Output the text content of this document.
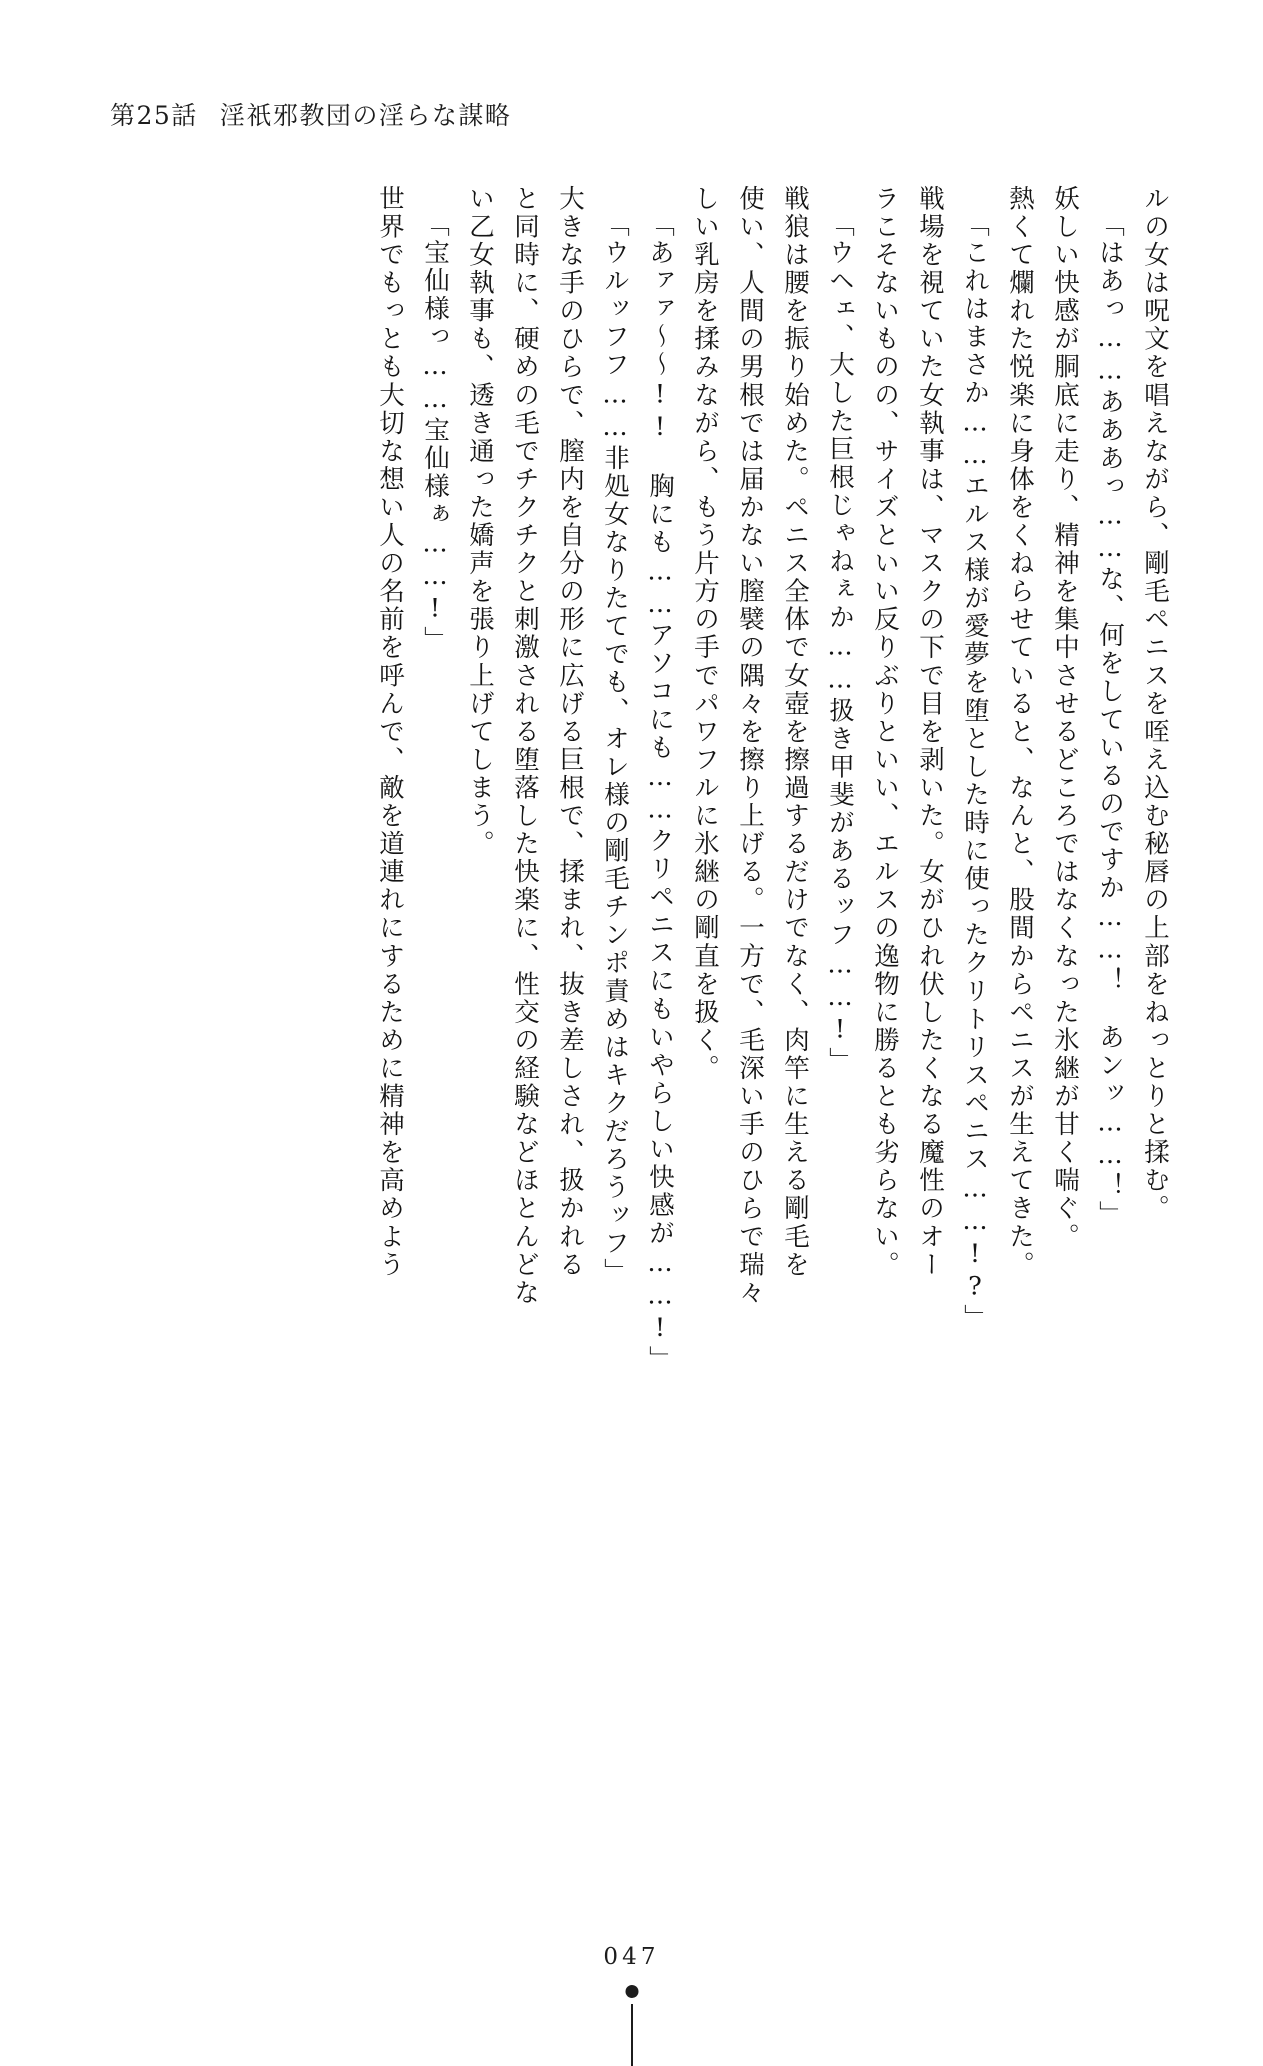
第25話 淫祇邪教団の淫らな謀略
ルの女は呪文を唱えながら、剛毛ペニスを咥え込む秘唇の上部をねっとりと揉む。
「はあっ……あああっ……な、何をしているのですか……！　あンッ……！」
妖しい快感が胴底に走り、精神を集中させるどころではなくなった氷継が甘く喘ぐ。
熱くて爛れた悦楽に身体をくねらせていると、なんと、股間からペニスが生えてきた。
「これはまさか……エルス様が愛夢を堕とした時に使ったクリトリスペニス……!?」
戦場を視ていた女執事は、マスクの下で目を剥いた。女がひれ伏したくなる魔性のオー
ラこそないものの、サイズといい反りぶりといい、エルスの逸物に勝るとも劣らない。
「ウヘェ、大した巨根じゃねぇか……扱き甲斐があるッフ……!」
戦狼は腰を振り始めた。ペニス全体で女壺を擦過するだけでなく、肉竿に生える剛毛を
使い、人間の男根では届かない膣襞の隅々を擦り上げる。一方で、毛深い手のひらで瑞々
しい乳房を揉みながら、もう片方の手でパワフルに氷継の剛直を扱く。
「あァァ～～!!　胸にも……アソコにも……クリペニスにもいやらしい快感が……!」
「ウルッフフ……非処女なりたてでも、オレ様の剛毛チンポ責めはキクだろうッフ」
大きな手のひらで、膣内を自分の形に広げる巨根で、揉まれ、抜き差しされ、扱かれる
と同時に、硬めの毛でチクチクと刺激される堕落した快楽に、性交の経験などほとんどな
い乙女執事も、透き通った嬌声を張り上げてしまう。
「宝仙様っ……宝仙様ぁ……!」
世界でもっとも大切な想い人の名前を呼んで、敵を道連れにするために精神を高めよう
047
